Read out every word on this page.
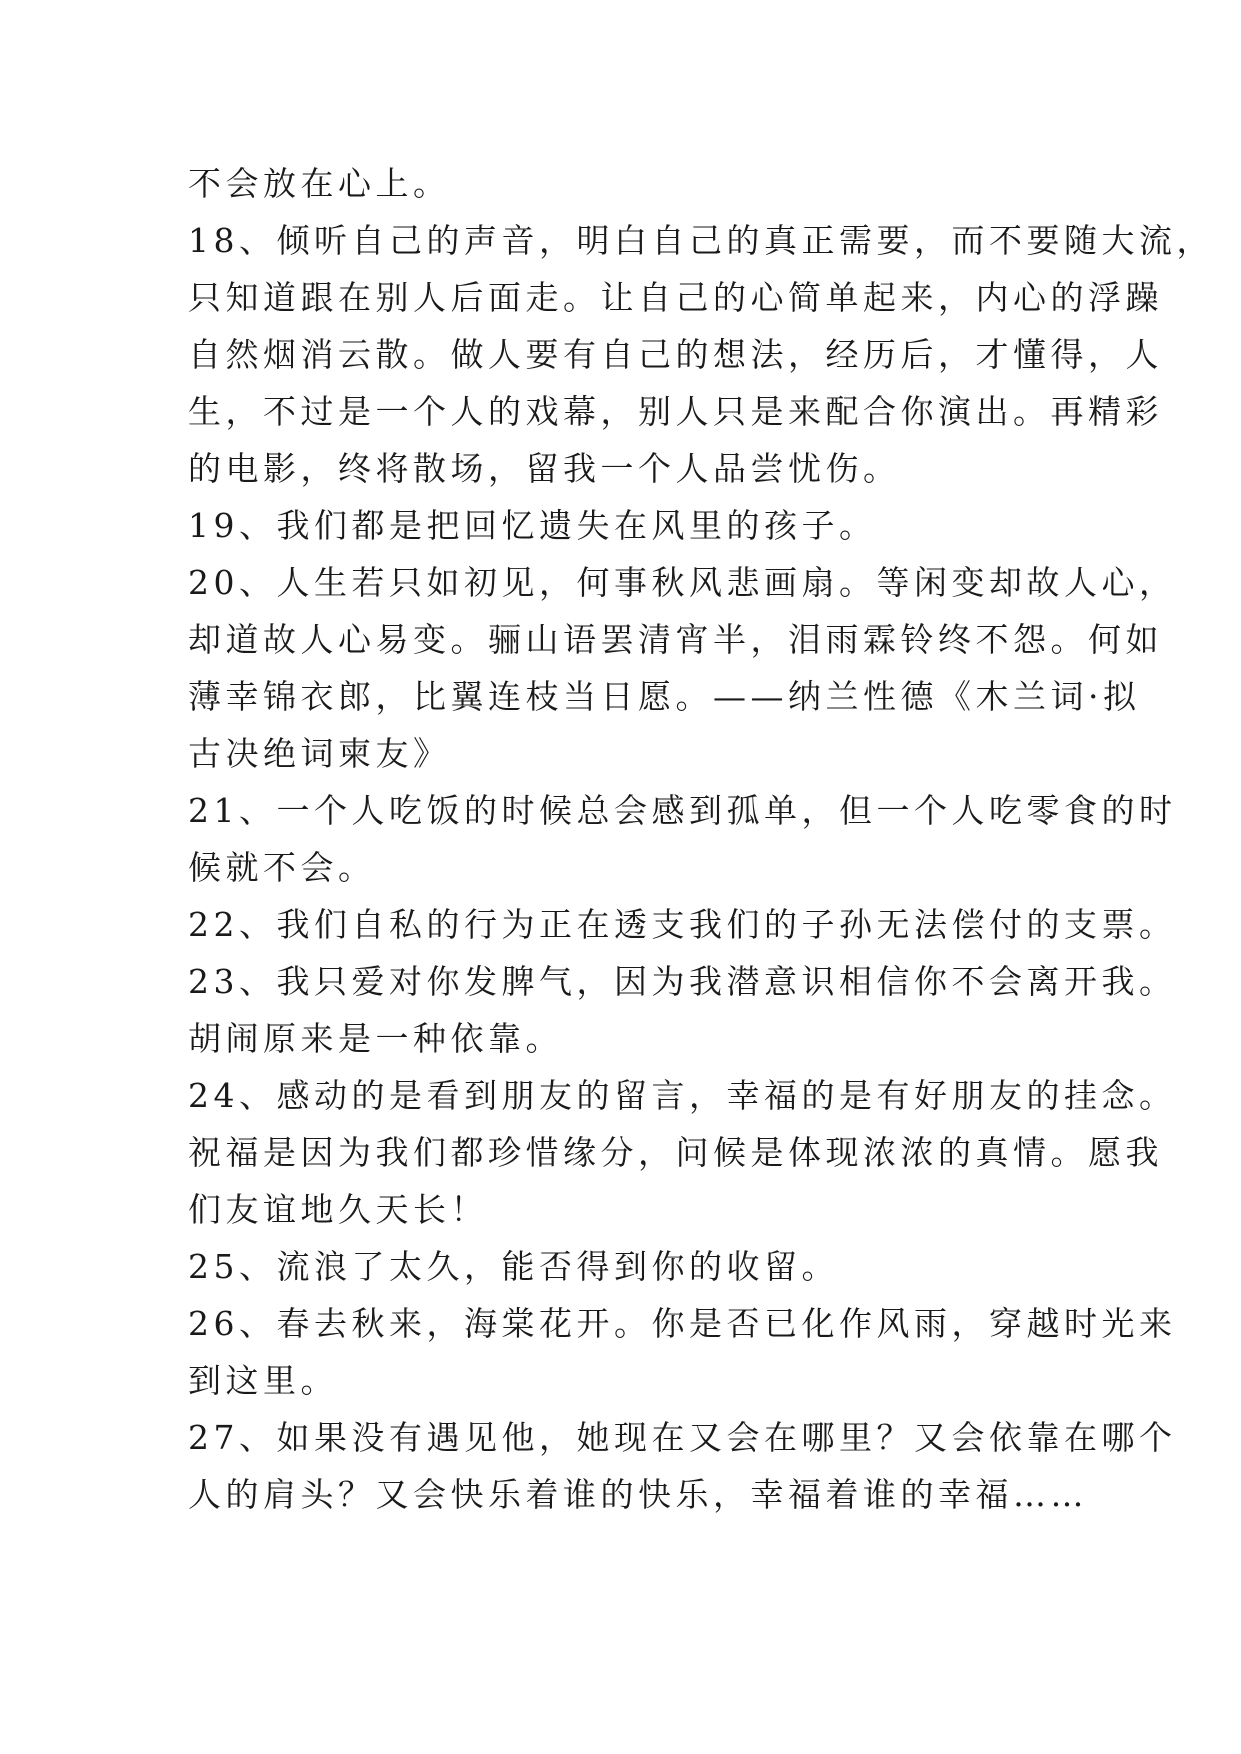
不会放在心上。
18、倾听自己的声音，明白自己的真正需要，而不要随大流，
只知道跟在别人后面走。让自己的心简单起来，内心的浮躁
自然烟消云散。做人要有自己的想法，经历后，才懂得，人
生，不过是一个人的戏幕，别人只是来配合你演出。再精彩
的电影，终将散场，留我一个人品尝忧伤。
19、我们都是把回忆遗失在风里的孩子。
20、人生若只如初见，何事秋风悲画扇。等闲变却故人心，
却道故人心易变。骊山语罢清宵半，泪雨霖铃终不怨。何如
薄幸锦衣郎，比翼连枝当日愿。——纳兰性德《木兰词·拟
古决绝词柬友》
21、一个人吃饭的时候总会感到孤单，但一个人吃零食的时
候就不会。
22、我们自私的行为正在透支我们的子孙无法偿付的支票。
23、我只爱对你发脾气，因为我潜意识相信你不会离开我。
胡闹原来是一种依靠。
24、感动的是看到朋友的留言，幸福的是有好朋友的挂念。
祝福是因为我们都珍惜缘分，问候是体现浓浓的真情。愿我
们友谊地久天长！
25、流浪了太久，能否得到你的收留。
26、春去秋来，海棠花开。你是否已化作风雨，穿越时光来
到这里。
27、如果没有遇见他，她现在又会在哪里？又会依靠在哪个
人的肩头？又会快乐着谁的快乐，幸福着谁的幸福……
